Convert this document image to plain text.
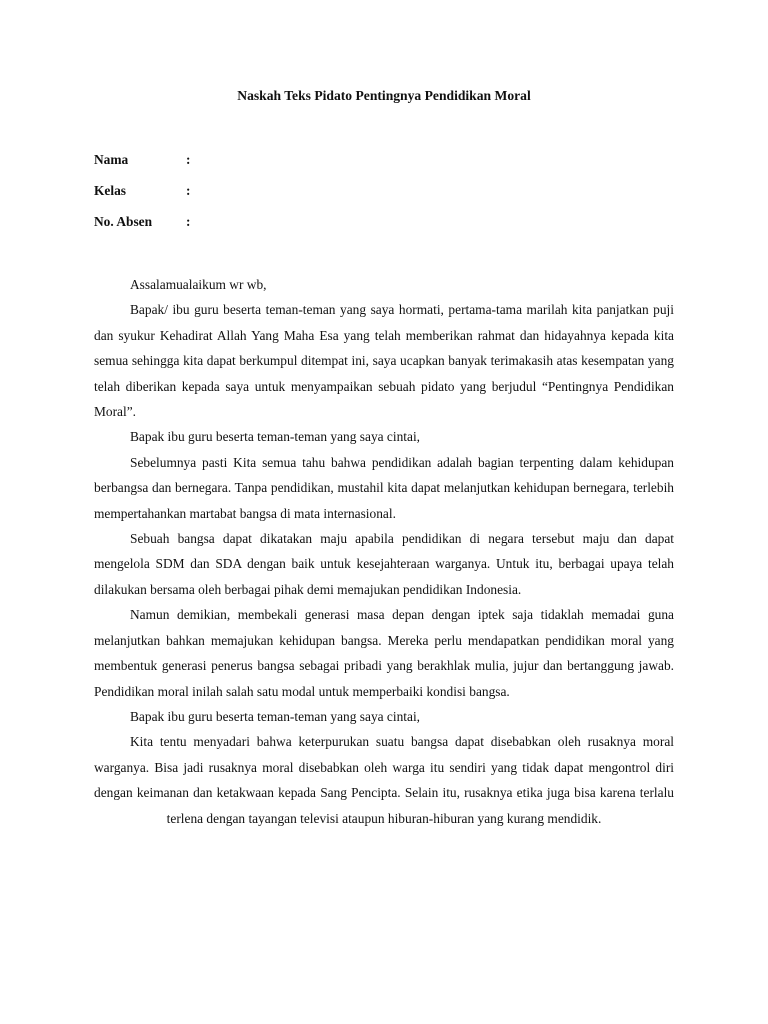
Naskah Teks Pidato Pentingnya Pendidikan Moral
Nama	:
Kelas	:
No. Absen	:

Assalamualaikum wr wb,

Bapak/ ibu guru beserta teman-teman yang saya hormati, pertama-tama marilah kita panjatkan puji dan syukur Kehadirat Allah Yang Maha Esa yang telah memberikan rahmat dan hidayahnya kepada kita semua sehingga kita dapat berkumpul ditempat ini, saya ucapkan banyak terimakasih atas kesempatan yang telah diberikan kepada saya untuk menyampaikan sebuah pidato yang berjudul “Pentingnya Pendidikan Moral”.

Bapak ibu guru beserta teman-teman yang saya cintai,

Sebelumnya pasti Kita semua tahu bahwa pendidikan adalah bagian terpenting dalam kehidupan berbangsa dan bernegara. Tanpa pendidikan, mustahil kita dapat melanjutkan kehidupan bernegara, terlebih mempertahankan martabat bangsa di mata internasional.

Sebuah bangsa dapat dikatakan maju apabila pendidikan di negara tersebut maju dan dapat mengelola SDM dan SDA dengan baik untuk kesejahteraan warganya. Untuk itu, berbagai upaya telah dilakukan bersama oleh berbagai pihak demi memajukan pendidikan Indonesia.

Namun demikian, membekali generasi masa depan dengan iptek saja tidaklah memadai guna melanjutkan bahkan memajukan kehidupan bangsa. Mereka perlu mendapatkan pendidikan moral yang membentuk generasi penerus bangsa sebagai pribadi yang berakhlak mulia, jujur dan bertanggung jawab. Pendidikan moral inilah salah satu modal untuk memperbaiki kondisi bangsa.

Bapak ibu guru beserta teman-teman yang saya cintai,

Kita tentu menyadari bahwa keterpurukan suatu bangsa dapat disebabkan oleh rusaknya moral warganya. Bisa jadi rusaknya moral disebabkan oleh warga itu sendiri yang tidak dapat mengontrol diri dengan keimanan dan ketakwaan kepada Sang Pencipta. Selain itu, rusaknya etika juga bisa karena terlalu terlena dengan tayangan televisi ataupun hiburan-hiburan yang kurang mendidik.
